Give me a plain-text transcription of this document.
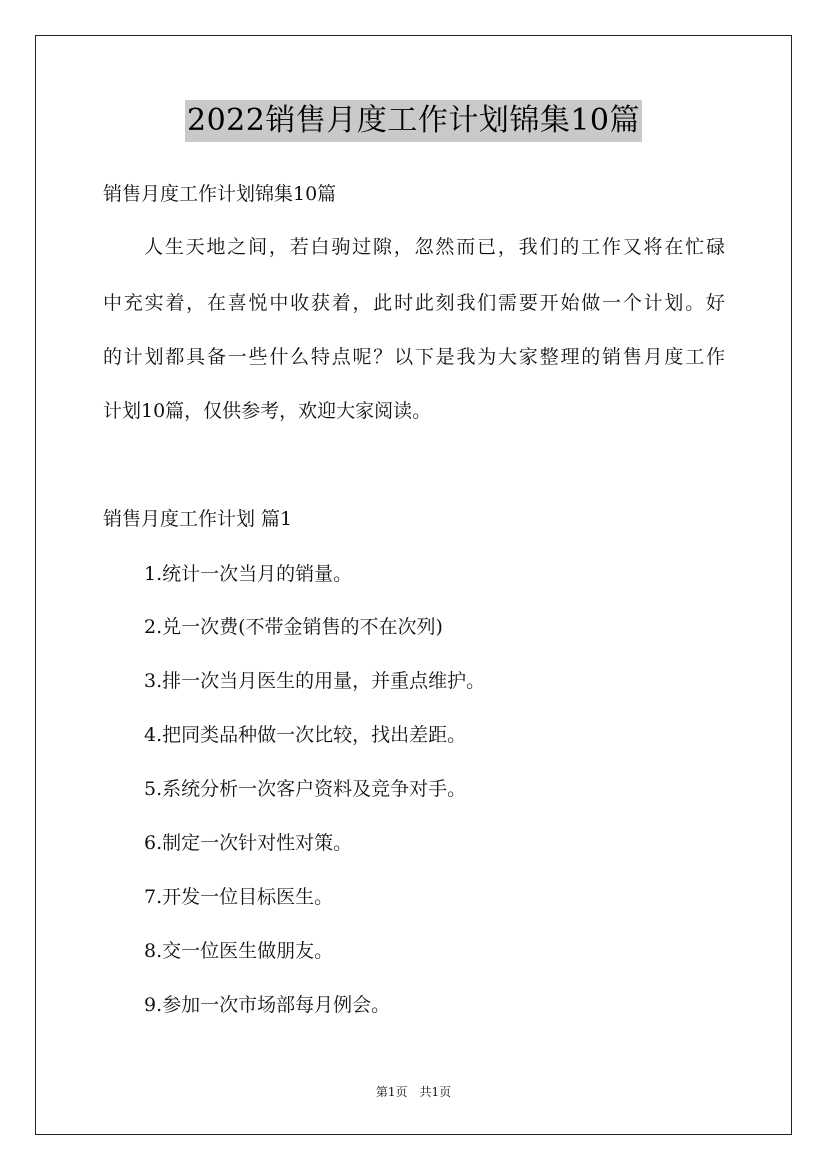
2022销售月度工作计划锦集10篇
销售月度工作计划锦集10篇
人生天地之间，若白驹过隙，忽然而已，我们的工作又将在忙碌
中充实着，在喜悦中收获着，此时此刻我们需要开始做一个计划。好
的计划都具备一些什么特点呢？以下是我为大家整理的销售月度工作
计划10篇，仅供参考，欢迎大家阅读。
销售月度工作计划 篇1
1.统计一次当月的销量。
2.兑一次费(不带金销售的不在次列)
3.排一次当月医生的用量，并重点维护。
4.把同类品种做一次比较，找出差距。
5.系统分析一次客户资料及竞争对手。
6.制定一次针对性对策。
7.开发一位目标医生。
8.交一位医生做朋友。
9.参加一次市场部每月例会。
第1页　共1页
